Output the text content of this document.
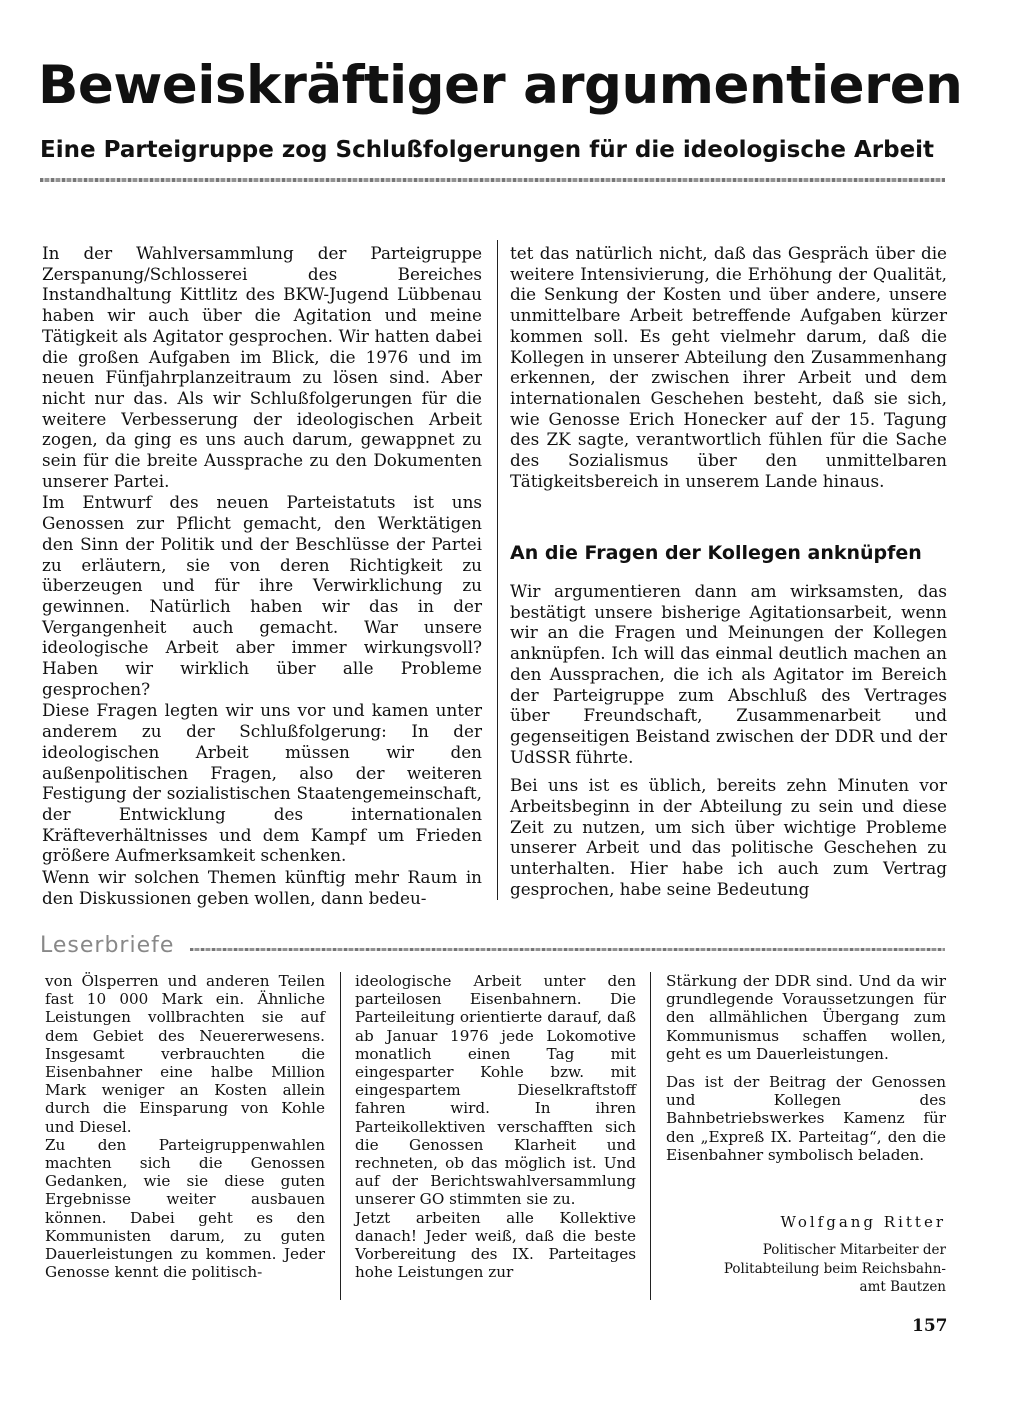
Beweiskräftiger argumentieren
Eine Parteigruppe zog Schlußfolgerungen für die ideologische Arbeit

In der Wahlversammlung der Parteigruppe Zerspanung/Schlosserei des Bereiches Instandhaltung Kittlitz des BKW-Jugend Lübbenau haben wir auch über die Agitation und meine Tätigkeit als Agitator gesprochen. Wir hatten dabei die großen Aufgaben im Blick, die 1976 und im neuen Fünfjahrplanzeitraum zu lösen sind. Aber nicht nur das. Als wir Schlußfolgerungen für die weitere Verbesserung der ideologischen Arbeit zogen, da ging es uns auch darum, gewappnet zu sein für die breite Aussprache zu den Dokumenten unserer Partei.

Im Entwurf des neuen Parteistatuts ist uns Genossen zur Pflicht gemacht, den Werktätigen den Sinn der Politik und der Beschlüsse der Partei zu erläutern, sie von deren Richtigkeit zu überzeugen und für ihre Verwirklichung zu gewinnen. Natürlich haben wir das in der Vergangenheit auch gemacht. War unsere ideologische Arbeit aber immer wirkungsvoll? Haben wir wirklich über alle Probleme gesprochen?

Diese Fragen legten wir uns vor und kamen unter anderem zu der Schlußfolgerung: In der ideologischen Arbeit müssen wir den außenpolitischen Fragen, also der weiteren Festigung der sozialistischen Staatengemeinschaft, der Entwicklung des internationalen Kräfteverhältnisses und dem Kampf um Frieden größere Aufmerksamkeit schenken.

Wenn wir solchen Themen künftig mehr Raum in den Diskussionen geben wollen, dann bedeu-

tet das natürlich nicht, daß das Gespräch über die weitere Intensivierung, die Erhöhung der Qualität, die Senkung der Kosten und über andere, unsere unmittelbare Arbeit betreffende Aufgaben kürzer kommen soll. Es geht vielmehr darum, daß die Kollegen in unserer Abteilung den Zusammenhang erkennen, der zwischen ihrer Arbeit und dem internationalen Geschehen besteht, daß sie sich, wie Genosse Erich Honecker auf der 15. Tagung des ZK sagte, verantwortlich fühlen für die Sache des Sozialismus über den unmittelbaren Tätigkeitsbereich in unserem Lande hinaus.

An die Fragen der Kollegen anknüpfen

Wir argumentieren dann am wirksamsten, das bestätigt unsere bisherige Agitationsarbeit, wenn wir an die Fragen und Meinungen der Kollegen anknüpfen. Ich will das einmal deutlich machen an den Aussprachen, die ich als Agitator im Bereich der Parteigruppe zum Abschluß des Vertrages über Freundschaft, Zusammenarbeit und gegenseitigen Beistand zwischen der DDR und der UdSSR führte.

Bei uns ist es üblich, bereits zehn Minuten vor Arbeitsbeginn in der Abteilung zu sein und diese Zeit zu nutzen, um sich über wichtige Probleme unserer Arbeit und das politische Geschehen zu unterhalten. Hier habe ich auch zum Vertrag gesprochen, habe seine Bedeutung

Leserbriefe

von Ölsperren und anderen Teilen fast 10 000 Mark ein. Ähnliche Leistungen vollbrachten sie auf dem Gebiet des Neuererwesens. Insgesamt verbrauchten die Eisenbahner eine halbe Million Mark weniger an Kosten allein durch die Einsparung von Kohle und Diesel.

Zu den Parteigruppenwahlen machten sich die Genossen Gedanken, wie sie diese guten Ergebnisse weiter ausbauen können. Dabei geht es den Kommunisten darum, zu guten Dauerleistungen zu kommen. Jeder Genosse kennt die politisch-

ideologische Arbeit unter den parteilosen Eisenbahnern. Die Parteileitung orientierte darauf, daß ab Januar 1976 jede Lokomotive monatlich einen Tag mit eingesparter Kohle bzw. mit eingespartem Dieselkraftstoff fahren wird. In ihren Parteikollektiven verschafften sich die Genossen Klarheit und rechneten, ob das möglich ist. Und auf der Berichtswahlversammlung unserer GO stimmten sie zu.

Jetzt arbeiten alle Kollektive danach! Jeder weiß, daß die beste Vorbereitung des IX. Parteitages hohe Leistungen zur

Stärkung der DDR sind. Und da wir grundlegende Voraussetzungen für den allmählichen Übergang zum Kommunismus schaffen wollen, geht es um Dauerleistungen.

Das ist der Beitrag der Genossen und Kollegen des Bahnbetriebswerkes Kamenz für den „Expreß IX. Parteitag“, den die Eisenbahner symbolisch beladen.

Wolfgang Ritter
Politischer Mitarbeiter der
Politabteilung beim Reichsbahn-
amt Bautzen
157
